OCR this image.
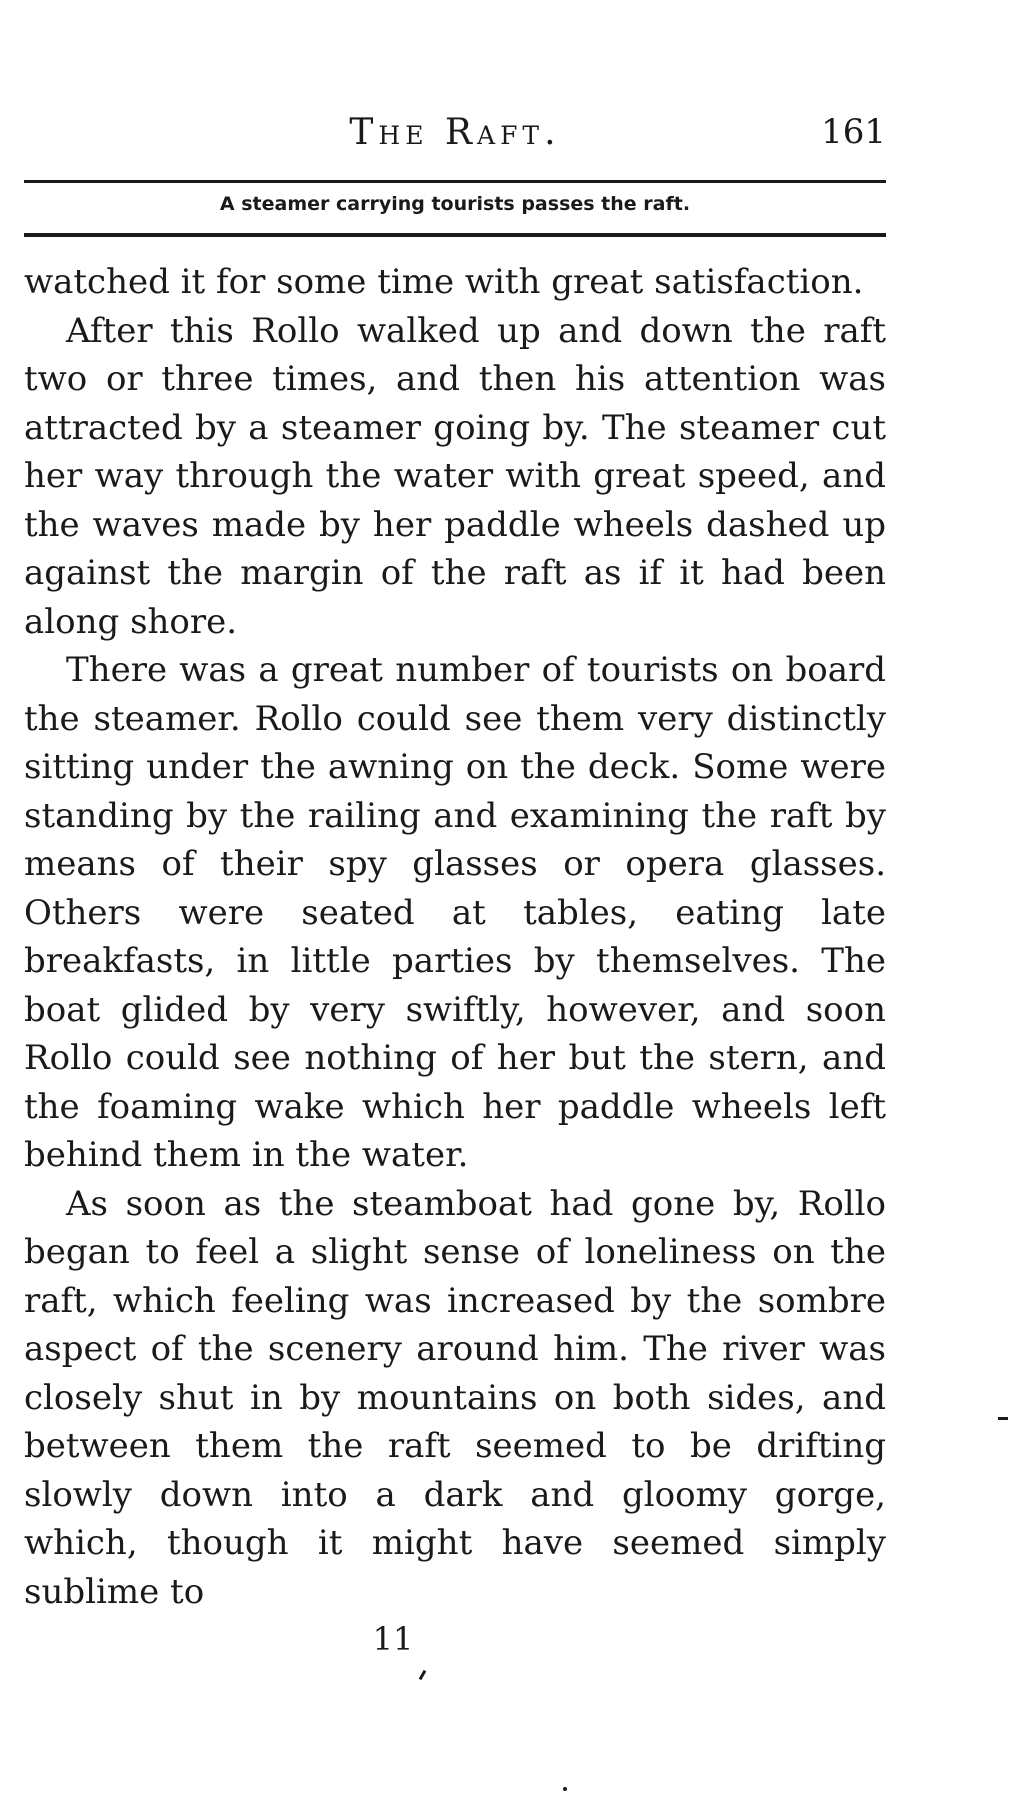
The Raft.	161
A steamer carrying tourists passes the raft.

watched it for some time with great satisfaction.

After this Rollo walked up and down the raft two or three times, and then his attention was attracted by a steamer going by. The steamer cut her way through the water with great speed, and the waves made by her paddle wheels dashed up against the margin of the raft as if it had been along shore.

There was a great number of tourists on board the steamer. Rollo could see them very distinctly sitting under the awning on the deck. Some were standing by the railing and examining the raft by means of their spy glasses or opera glasses. Others were seated at tables, eating late breakfasts, in little parties by themselves. The boat glided by very swiftly, however, and soon Rollo could see nothing of her but the stern, and the foaming wake which her paddle wheels left behind them in the water.

As soon as the steamboat had gone by, Rollo began to feel a slight sense of loneliness on the raft, which feeling was increased by the sombre aspect of the scenery around him. The river was closely shut in by mountains on both sides, and between them the raft seemed to be drifting slowly down into a dark and gloomy gorge, which, though it might have seemed simply sublime to

11
